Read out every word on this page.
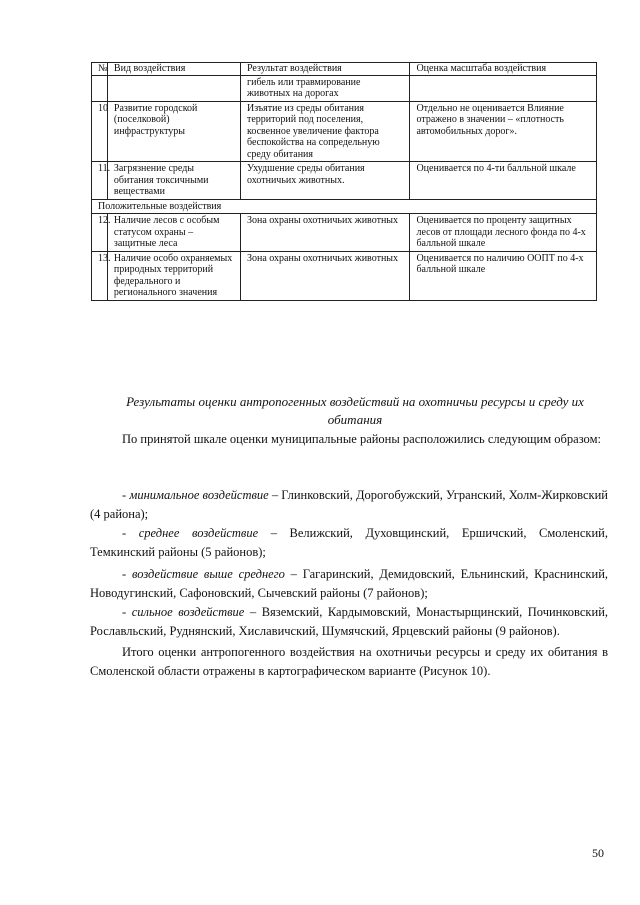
№	Вид воздействия	Результат воздействия	Оценка масштаба воздействия
		гибель или травмирование животных на дорогах	
10	Развитие городской (поселковой) инфраструктуры	Изъятие из среды обитания территорий под поселения, косвенное увеличение фактора беспокойства на сопредельную среду обитания	Отдельно не оценивается Влияние отражено в значении – «плотность автомобильных дорог».
11.	Загрязнение среды обитания токсичными веществами	Ухудшение среды обитания охотничьих животных.	Оценивается по 4-ти балльной шкале
Положительные воздействия			
12.	Наличие лесов с особым статусом охраны – защитные леса	Зона охраны охотничьих животных	Оценивается по проценту защитных лесов от площади лесного фонда по 4-х балльной шкале
13.	Наличие особо охраняемых природных территорий федерального и регионального значения	Зона охраны охотничьих животных	Оценивается по наличию ООПТ по 4-х балльной шкале
Результаты оценки антропогенных воздействий на охотничьи ресурсы и среду их обитания

По принятой шкале оценки муниципальные районы расположились следующим образом:

- минимальное воздействие – Глинковский, Дорогобужский, Угранский, Холм-Жирковский (4 района);

- среднее воздействие – Велижский, Духовщинский, Ершичский, Смоленский, Темкинский районы (5 районов);

- воздействие выше среднего – Гагаринский, Демидовский, Ельнинский, Краснинский, Новодугинский, Сафоновский, Сычевский районы (7 районов);

- сильное воздействие – Вяземский, Кардымовский, Монастырщинский, Починковский, Рославльский, Руднянский, Хиславичский, Шумячский, Ярцевский районы (9 районов).

Итого оценки антропогенного воздействия на охотничьи ресурсы и среду их обитания в Смоленской области отражены в картографическом варианте (Рисунок 10).

50
